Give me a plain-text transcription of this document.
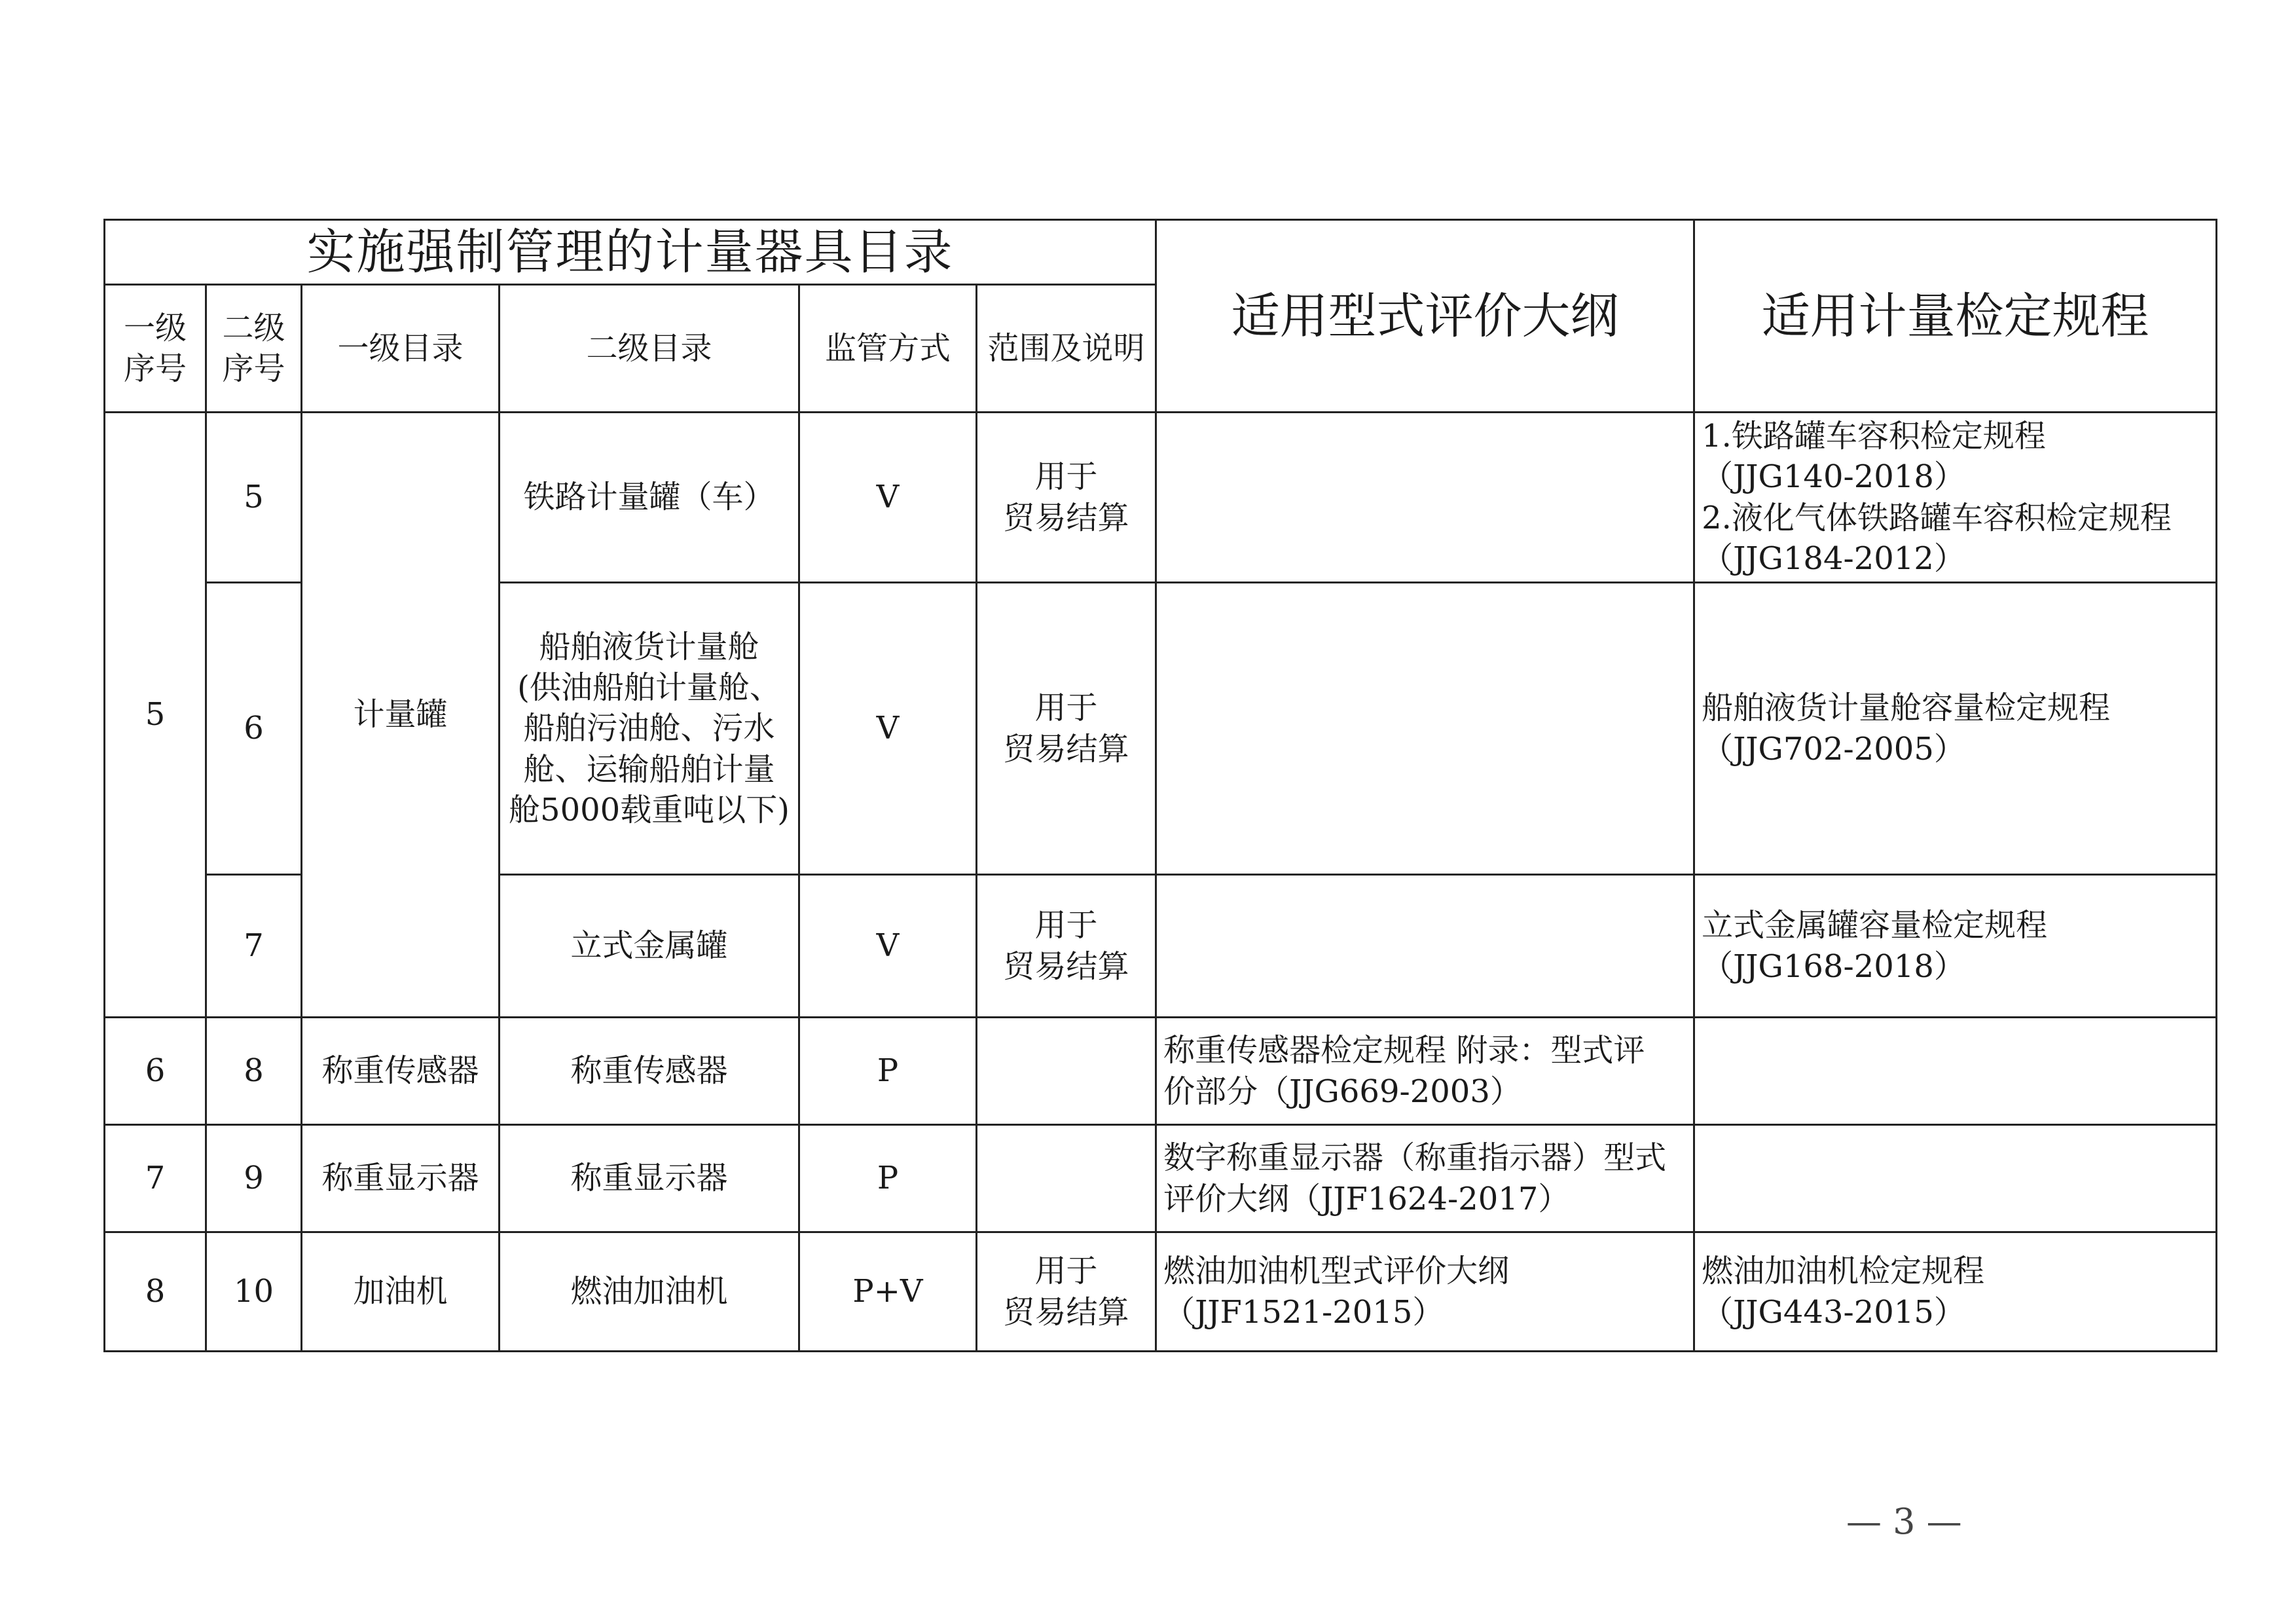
实施强制管理的计量器具目录						适用型式评价大纲	适用计量检定规程
一级
序号	二级
序号	一级目录	二级目录	监管方式	范围及说明		
5	5	计量罐	铁路计量罐（车）	V	用于
贸易结算		1.铁路罐车容积检定规程
（JJG140-2018）
2.液化气体铁路罐车容积检定规程
（JJG184-2012）
	6		船舶液货计量舱
(供油船舶计量舱、
船舶污油舱、污水
舱、运输船舶计量
舱5000载重吨以下)	V	用于
贸易结算		船舶液货计量舱容量检定规程
（JJG702-2005）
	7		立式金属罐	V	用于
贸易结算		立式金属罐容量检定规程
（JJG168-2018）
6	8	称重传感器	称重传感器	P		称重传感器检定规程 附录：型式评
价部分（JJG669-2003）	
7	9	称重显示器	称重显示器	P		数字称重显示器（称重指示器）型式
评价大纲（JJF1624-2017）	
8	10	加油机	燃油加油机	P+V	用于
贸易结算	燃油加油机型式评价大纲
（JJF1521-2015）	燃油加油机检定规程
（JJG443-2015）
— 3 —
